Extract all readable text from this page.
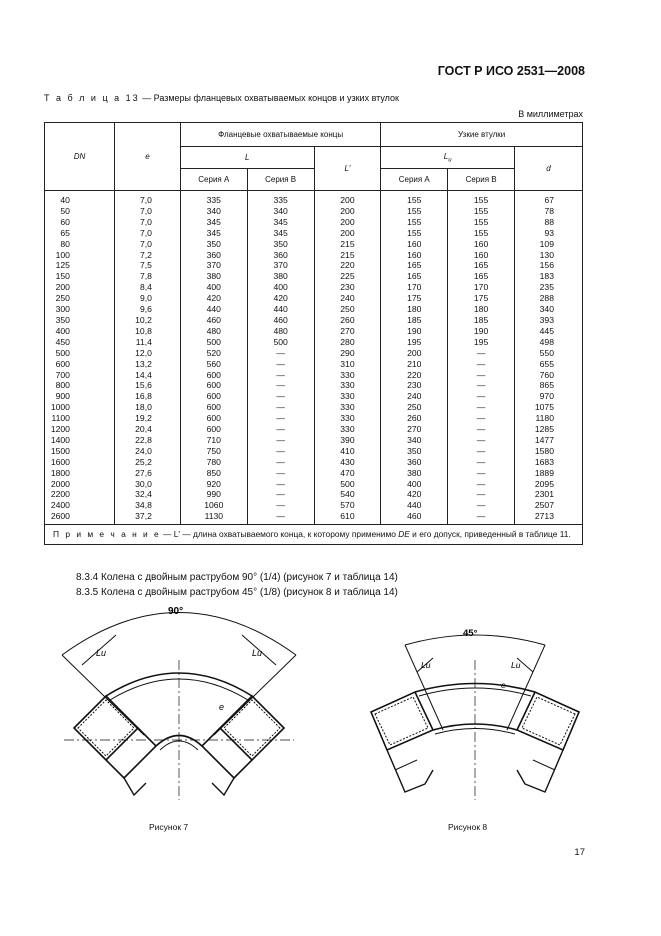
ГОСТ Р ИСО 2531—2008
Т а б л и ц а 13 — Размеры фланцевых охватываемых концов и узких втулок
В миллиметрах
DN	e	Фланцевые охватываемые концы			Узкие втулки		
		L		L′	$L_u$		d
		Серия А	Серия В		Серия А	Серия В	
40	7,0	335	335	200	155	155	67
50	7,0	340	340	200	155	155	78
60	7,0	345	345	200	155	155	88
65	7,0	345	345	200	155	155	93
80	7,0	350	350	215	160	160	109
100	7,2	360	360	215	160	160	130
125	7,5	370	370	220	165	165	156
150	7,8	380	380	225	165	165	183
200	8,4	400	400	230	170	170	235
250	9,0	420	420	240	175	175	288
300	9,6	440	440	250	180	180	340
350	10,2	460	460	260	185	185	393
400	10,8	480	480	270	190	190	445
450	11,4	500	500	280	195	195	498
500	12,0	520	—	290	200	—	550
600	13,2	560	—	310	210	—	655
700	14,4	600	—	330	220	—	760
800	15,6	600	—	330	230	—	865
900	16,8	600	—	330	240	—	970
1000	18,0	600	—	330	250	—	1075
1100	19,2	600	—	330	260	—	1180
1200	20,4	600	—	330	270	—	1285
1400	22,8	710	—	390	340	—	1477
1500	24,0	750	—	410	350	—	1580
1600	25,2	780	—	430	360	—	1683
1800	27,6	850	—	470	380	—	1889
2000	30,0	920	—	500	400	—	2095
2200	32,4	990	—	540	420	—	2301
2400	34,8	1060	—	570	440	—	2507
2600	37,2	1130	—	610	460	—	2713
П р и м е ч а н и е — L′ — длина охватываемого конца, к которому применимо DE и его допуск, приведенный в таблице 11.							
8.3.4 Колена с двойным раструбом 90° (1/4) (рисунок 7 и таблица 14)
8.3.5 Колена с двойным раструбом 45° (1/8) (рисунок 8 и таблица 14)
90°
Lu	Lu
e
Рисунок 7
45°
Lu	Lu
e
Рисунок 8
17
